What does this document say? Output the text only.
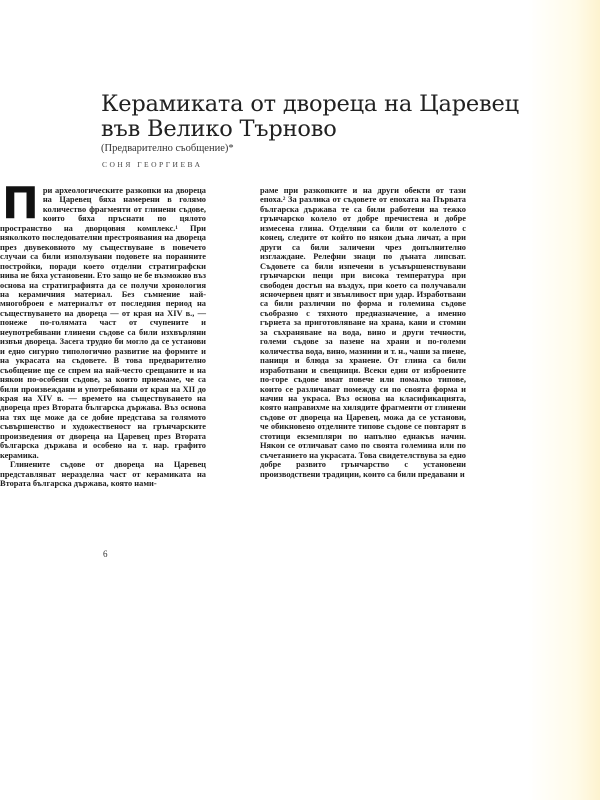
Керамиката от двореца на Царевец във Велико Търново
(Предварително съобщение)*
СОНЯ ГЕОРГИЕВА
П ри археологическите разкопки на двореца на Царевец бяха намерени в голямо количество фрагменти от глинени съдове, които бяха пръснати по цялото пространство на дворцовия комплекс.¹ При няколкото последователни престроявания на двореца през двувековното му съществуване в повечето случаи са били използувани подовете на поранните постройки, поради което отделни стратиграфски нива не бяха установени. Ето защо не бе възможно въз основа на стратиграфията да се получи хронология на керамичния материал. Без съмнение най-многоброен е материалът от последния период на съществуването на двореца — от края на XIV в., — понеже по-голямата част от счупените и неупотребявани глинени съдове са били изхвърляни извън двореца. Засега трудно би могло да се установи и едно сигурно типологично развитие на формите и на украсата на съдовете. В това предварително съобщение ще се спрем на най-често срещаните и на някои по-особени съдове, за които приемаме, че са били произвеждани и употребявани от края на XII до края на XIV в. — времето на съществуването на двореца през Втората българска държава. Въз основа на тях ще може да се добие представа за голямото съвършенство и художественост на грънчарските произведения от двореца на Царевец през Втората българска държава и особено на т. нар. графито керамика.

Глинените съдове от двореца на Царевец представляват неразделна част от керамиката на Втората българска държава, която нами-

раме при разкопките и на други обекти от тази епоха.² За разлика от съдовете от епохата на Първата българска държава те са били работени на тежко грънчарско колело от добре пречистена и добре измесена глина. Отделяни са били от колелото с конец, следите от който по някои дъна личат, а при други са били заличени чрез допълнително изглаждане. Релефни знаци по дъната липсват. Съдовете са били изпечени в усъвършенствувани грънчарски пещи при висока температура при свободен достъп на въздух, при което са получавали ясночервен цвят и звънливост при удар. Изработвани са били различни по форма и големина съдове съобразно с тяхното предназначение, а именно гърнета за приготовляване на храна, кани и стомни за съхраняване на вода, вино и други течности, големи съдове за пазене на храни и по-големи количества вода, вино, мазнини и т. н., чаши за пиене, паници и блюда за хранене. От глина са били изработвани и свещници. Всеки един от изброените по-горе съдове имат повече или помалко типове, които се различават помежду си по своята форма и начин на украса. Въз основа на класификацията, която направихме на хилядите фрагменти от глинени съдове от двореца на Царевец, можа да се установи, че обикновено отделните типове съдове се повтарят в стотици екземпляри по напълно еднакъв начин. Някои се отличават само по своята големина или по съчетанието на украсата. Това свидетелствува за едно добре развито грънчарство с установени производствени традиции, които са били предавани и

6
